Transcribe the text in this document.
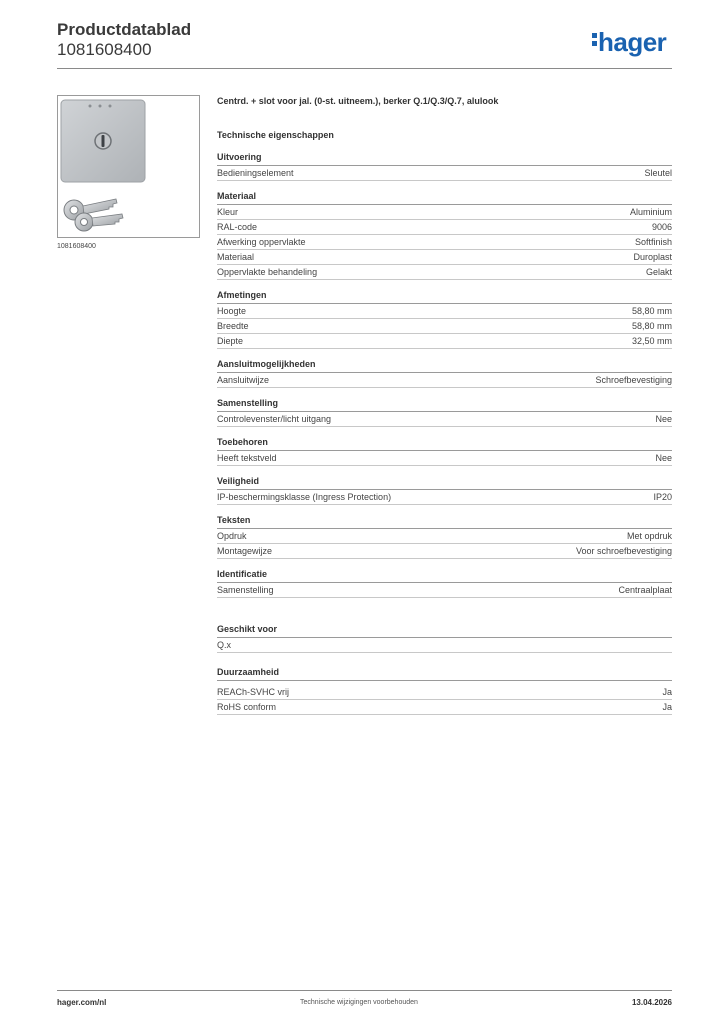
Productdatablad
1081608400	hager
1081608400
Centrd. + slot voor jal. (0-st. uitneem.), berker Q.1/Q.3/Q.7, alulook
Technische eigenschappen
Uitvoering
Bedieningselement	Sleutel
Materiaal
Kleur	Aluminium
RAL-code	9006
Afwerking oppervlakte	Softfinish
Materiaal	Duroplast
Oppervlakte behandeling	Gelakt
Afmetingen
Hoogte	58,80 mm
Breedte	58,80 mm
Diepte	32,50 mm
Aansluitmogelijkheden
Aansluitwijze	Schroefbevestiging
Samenstelling
Controlevenster/licht uitgang	Nee
Toebehoren
Heeft tekstveld	Nee
Veiligheid
IP-beschermingsklasse (Ingress Protection)	IP20
Teksten
Opdruk	Met opdruk
Montagewijze	Voor schroefbevestiging
Identificatie
Samenstelling	Centraalplaat
Geschikt voor
Q.x
Duurzaamheid
REACh-SVHC vrij	Ja
RoHS conform	Ja
hager.com/nl	Technische wijzigingen voorbehouden	13.04.2026
